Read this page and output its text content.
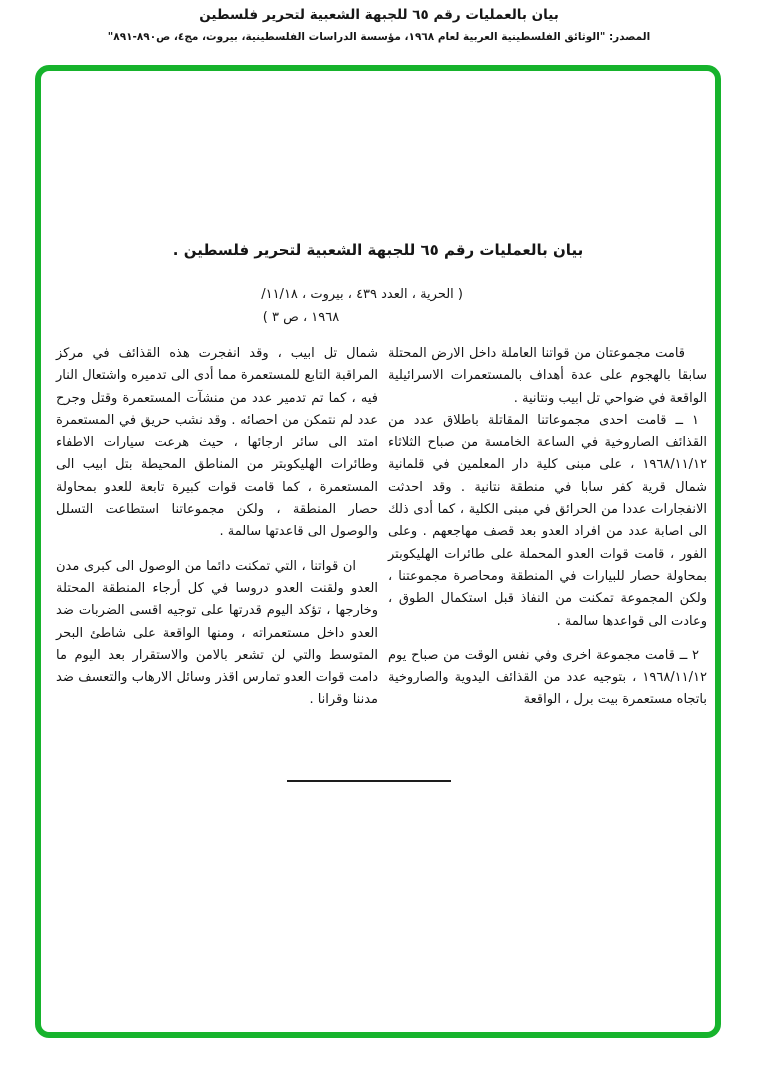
بيان بالعمليات رقم ٦٥ للجبهة الشعبية لتحرير فلسطين
المصدر: "الوثائق الفلسطينية العربية لعام ١٩٦٨، مؤسسة الدراسات الفلسطينية، بيروت، مج٤، ص٨٩٠-٨٩١"
بيان بالعمليات رقم ٦٥ للجبهة الشعبية لتحرير فلسطين .
( الحرية ، العدد ٤٣٩ ، بيروت ، ١١/١٨/
١٩٦٨ ، ص ٣ )

قامت مجموعتان من قواتنا العاملة داخل الارض المحتلة سابقا بالهجوم على عدة أهداف بالمستعمرات الاسرائيلية الواقعة في ضواحي تل ابيب ونتانية .

١ ــ قامت احدى مجموعاتنا المقاتلة باطلاق عدد من القذائف الصاروخية في الساعة الخامسة من صباح الثلاثاء ١٩٦٨/١١/١٢ ، على مبنى كلية دار المعلمين في قلمانية شمال قرية كفر سابا في منطقة نتانية . وقد احدثت الانفجارات عددا من الحرائق في مبنى الكلية ، كما أدى ذلك الى اصابة عدد من افراد العدو بعد قصف مهاجعهم . وعلى الفور ، قامت قوات العدو المحملة على طائرات الهليكوبتر بمحاولة حصار للبيارات في المنطقة ومحاصرة مجموعتنا ، ولكن المجموعة تمكنت من النفاذ قبل استكمال الطوق ، وعادت الى قواعدها سالمة .

٢ ــ قامت مجموعة اخرى وفي نفس الوقت من صباح يوم ١٩٦٨/١١/١٢ ، بتوجيه عدد من القذائف اليدوية والصاروخية باتجاه مستعمرة بيت برل ، الواقعة

شمال تل ابيب ، وقد انفجرت هذه القذائف في مركز المراقبة التابع للمستعمرة مما أدى الى تدميره واشتعال النار فيه ، كما تم تدمير عدد من منشآت المستعمرة وقتل وجرح عدد لم نتمكن من احصائه . وقد نشب حريق في المستعمرة امتد الى سائر ارجائها ، حيث هرعت سيارات الاطفاء وطائرات الهليكوبتر من المناطق المحيطة بتل ابيب الى المستعمرة ، كما قامت قوات كبيرة تابعة للعدو بمحاولة حصار المنطقة ، ولكن مجموعاتنا استطاعت التسلل والوصول الى قاعدتها سالمة .

ان قواتنا ، التي تمكنت دائما من الوصول الى كبرى مدن العدو ولقنت العدو دروسا في كل أرجاء المنطقة المحتلة وخارجها ، تؤكد اليوم قدرتها على توجيه اقسى الضربات ضد العدو داخل مستعمراته ، ومنها الواقعة على شاطئ البحر المتوسط والتي لن تشعر بالامن والاستقرار بعد اليوم ما دامت قوات العدو تمارس اقذر وسائل الارهاب والتعسف ضد مدننا وقرانا .
